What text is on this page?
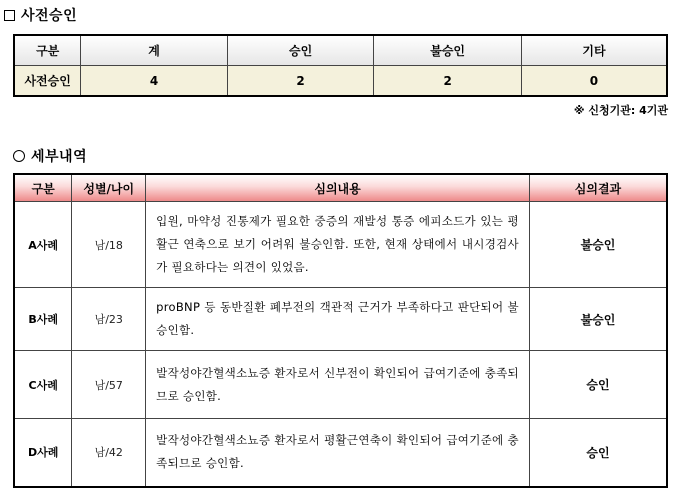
사전승인
구분	계	승인	불승인	기타
사전승인	4	2	2	0
※ 신청기관: 4기관
세부내역
구분	성별/나이	심의내용	심의결과
A사례	남/18	입원, 마약성 진통제가 필요한 중증의 재발성 통증 에피소드가 있는 평활근 연축으로 보기 어려워 불승인함. 또한, 현재 상태에서 내시경검사가 필요하다는 의견이 있었음.	불승인
B사례	남/23	proBNP 등 동반질환 폐부전의 객관적 근거가 부족하다고 판단되어 불승인함.	불승인
C사례	남/57	발작성야간혈색소뇨증 환자로서 신부전이 확인되어 급여기준에 충족되므로 승인함.	승인
D사례	남/42	발작성야간혈색소뇨증 환자로서 평활근연축이 확인되어 급여기준에 충족되므로 승인함.	승인
